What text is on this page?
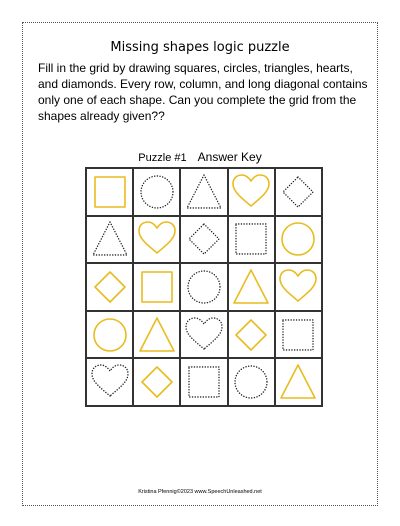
Missing shapes logic puzzle
Fill in the grid by drawing squares, circles, triangles, hearts, and diamonds. Every row, column, and long diagonal contains only one of each shape. Can you complete the grid from the shapes already given??
Puzzle #1 Answer Key
Kristina Pfennig©2023 www.SpeechUnleashed.net
